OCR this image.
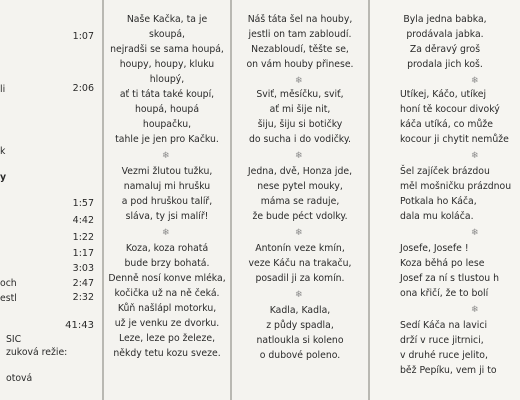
1:07
2:06
1:57
4:42
1:22
1:17
3:03
2:47
2:32
41:43
li
k
y
och
estl
SIC
zuková režie:
otová
Naše Kačka, ta je
skoupá,
nejradši se sama houpá,
houpy, houpy, kluku
hloupý,
ať ti táta také koupí,
houpá, houpá
houpačku,
tahle je jen pro Kačku.
❄
Vezmi žlutou tužku,
namaluj mi hrušku
a pod hruškou talíř,
sláva, ty jsi malíř!
❄
Koza, koza rohatá
bude brzy bohatá.
Denně nosí konve mléka,
kočička už na ně čeká.
Kůň našlápl motorku,
už je venku ze dvorku.
Leze, leze po železe,
někdy tetu kozu sveze.
Náš táta šel na houby,
jestli on tam zabloudí.
Nezabloudí, těšte se,
on vám houby přinese.
❄
Sviť, měsíčku, sviť,
ať mi šije nit,
šiju, šiju si botičky
do sucha i do vodičky.
❄
Jedna, dvě, Honza jde,
nese pytel mouky,
máma se raduje,
že bude péct vdolky.
❄
Antonín veze kmín,
veze Káču na trakaču,
posadil ji za komín.
❄
Kadla, Kadla,
z půdy spadla,
natloukla si koleno
o dubové poleno.
Byla jedna babka,
prodávala jabka.
Za děravý groš
prodala jich koš.
❄
Utíkej, Káčo, utíkej
honí tě kocour divoký
káča utíká, co může
kocour ji chytit nemůže
❄
Šel zajíček brázdou
měl mošničku prázdnou
Potkala ho Káča,
dala mu koláča.
❄
Josefe, Josefe !
Koza běhá po lese
Josef za ní s tlustou h
ona křičí, že to bolí
❄
Sedí Káča na lavici
drží v ruce jitrnici,
v druhé ruce jelito,
běž Pepíku, vem ji to
